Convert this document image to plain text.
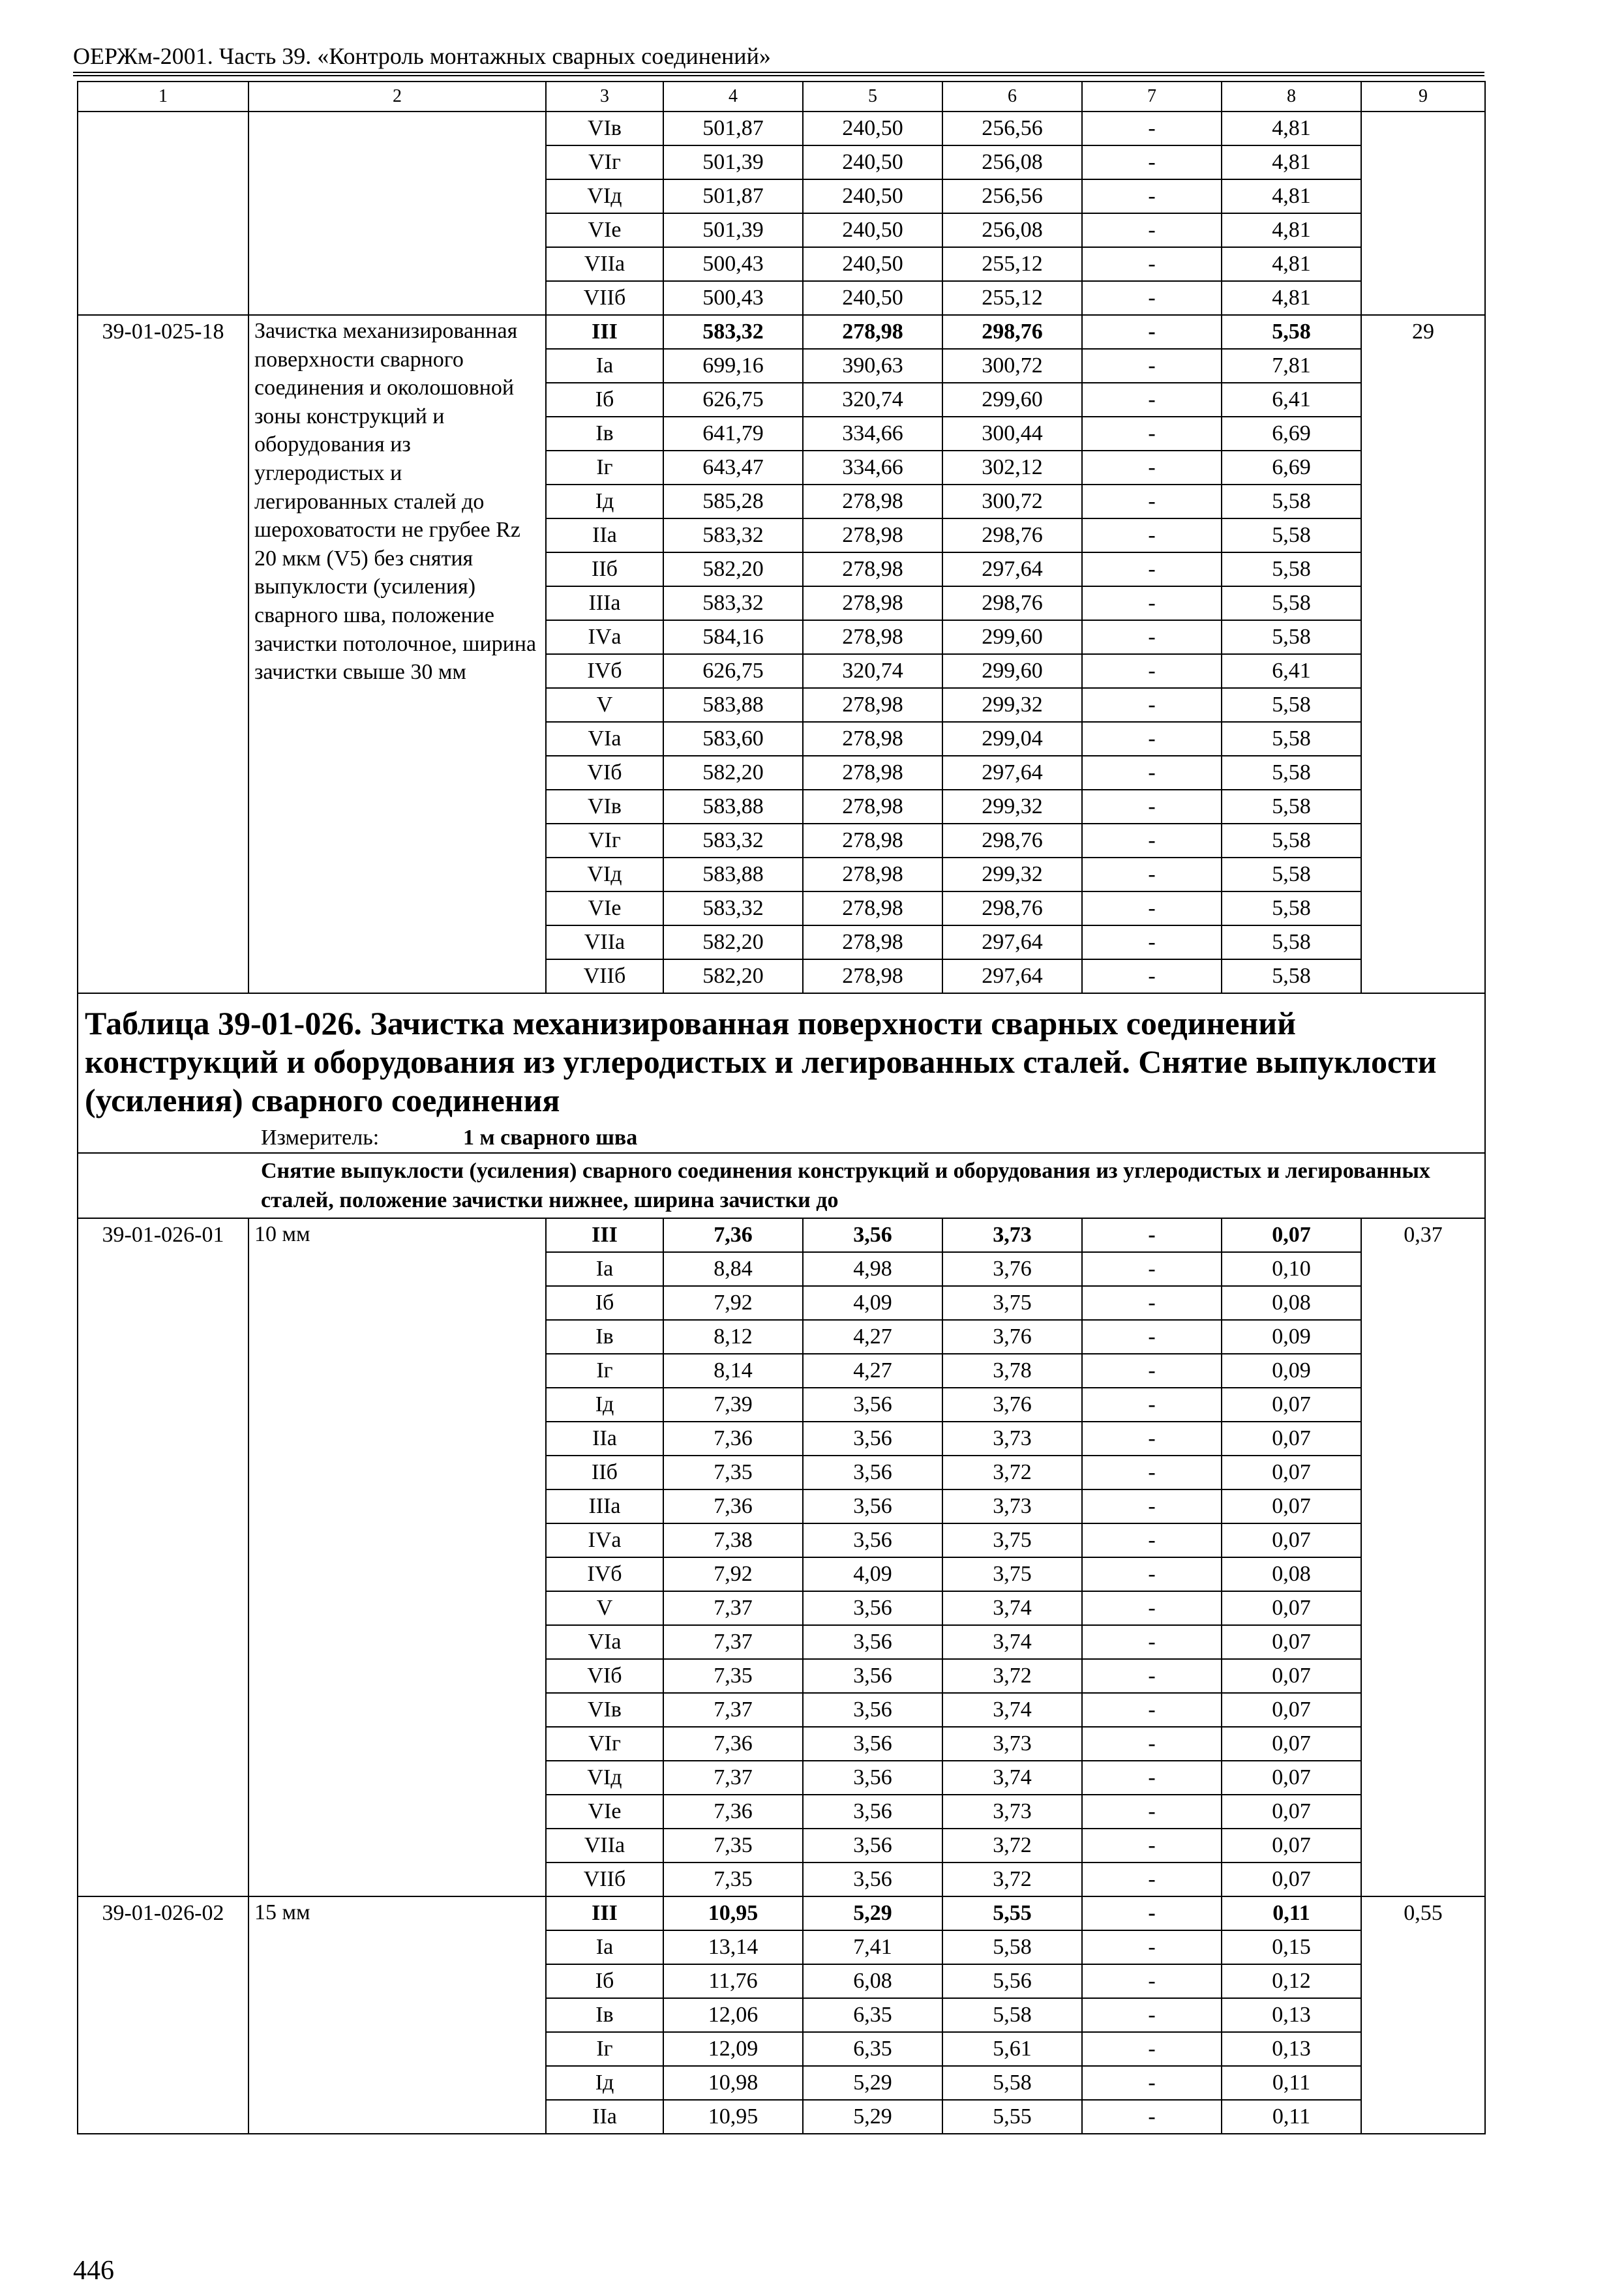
ОЕРЖм-2001. Часть 39. «Контроль монтажных сварных соединений»
1	2	3	4	5	6	7	8	9
		VIв	501,87	240,50	256,56	-	4,81	
		VIг	501,39	240,50	256,08	-	4,81	
		VIд	501,87	240,50	256,56	-	4,81	
		VIе	501,39	240,50	256,08	-	4,81	
		VIIа	500,43	240,50	255,12	-	4,81	
		VIIб	500,43	240,50	255,12	-	4,81	
39-01-025-18	Зачистка механизированная поверхности сварного соединения и околошовной зоны конструкций и оборудования из углеродистых и легированных сталей до шероховатости не грубее Rz 20 мкм (V5) без снятия выпуклости (усиления) сварного шва, положение зачистки потолочное, ширина зачистки свыше 30 мм	III	583,32	278,98	298,76	-	5,58	29
		Iа	699,16	390,63	300,72	-	7,81	
		Iб	626,75	320,74	299,60	-	6,41	
		Iв	641,79	334,66	300,44	-	6,69	
		Iг	643,47	334,66	302,12	-	6,69	
		Iд	585,28	278,98	300,72	-	5,58	
		IIа	583,32	278,98	298,76	-	5,58	
		IIб	582,20	278,98	297,64	-	5,58	
		IIIа	583,32	278,98	298,76	-	5,58	
		IVа	584,16	278,98	299,60	-	5,58	
		IVб	626,75	320,74	299,60	-	6,41	
		V	583,88	278,98	299,32	-	5,58	
		VIа	583,60	278,98	299,04	-	5,58	
		VIб	582,20	278,98	297,64	-	5,58	
		VIв	583,88	278,98	299,32	-	5,58	
		VIг	583,32	278,98	298,76	-	5,58	
		VIд	583,88	278,98	299,32	-	5,58	
		VIе	583,32	278,98	298,76	-	5,58	
		VIIа	582,20	278,98	297,64	-	5,58	
		VIIб	582,20	278,98	297,64	-	5,58	

Таблица 39-01-026. Зачистка механизированная поверхности сварных соединений конструкций и оборудования из углеродистых и легированных сталей. Снятие выпуклости (усиления) сварного соединения
Измеритель: 1 м сварного шва								

Снятие выпуклости (усиления) сварного соединения конструкций и оборудования из углеродистых и легированных сталей, положение зачистки нижнее, ширина зачистки до								

39-01-026-01	10 мм	III	7,36	3,56	3,73	-	0,07	0,37
		Iа	8,84	4,98	3,76	-	0,10	
		Iб	7,92	4,09	3,75	-	0,08	
		Iв	8,12	4,27	3,76	-	0,09	
		Iг	8,14	4,27	3,78	-	0,09	
		Iд	7,39	3,56	3,76	-	0,07	
		IIа	7,36	3,56	3,73	-	0,07	
		IIб	7,35	3,56	3,72	-	0,07	
		IIIа	7,36	3,56	3,73	-	0,07	
		IVа	7,38	3,56	3,75	-	0,07	
		IVб	7,92	4,09	3,75	-	0,08	
		V	7,37	3,56	3,74	-	0,07	
		VIа	7,37	3,56	3,74	-	0,07	
		VIб	7,35	3,56	3,72	-	0,07	
		VIв	7,37	3,56	3,74	-	0,07	
		VIг	7,36	3,56	3,73	-	0,07	
		VIд	7,37	3,56	3,74	-	0,07	
		VIе	7,36	3,56	3,73	-	0,07	
		VIIа	7,35	3,56	3,72	-	0,07	
		VIIб	7,35	3,56	3,72	-	0,07	
39-01-026-02	15 мм	III	10,95	5,29	5,55	-	0,11	0,55
		Iа	13,14	7,41	5,58	-	0,15	
		Iб	11,76	6,08	5,56	-	0,12	
		Iв	12,06	6,35	5,58	-	0,13	
		Iг	12,09	6,35	5,61	-	0,13	
		Iд	10,98	5,29	5,58	-	0,11	
		IIа	10,95	5,29	5,55	-	0,11	
446
